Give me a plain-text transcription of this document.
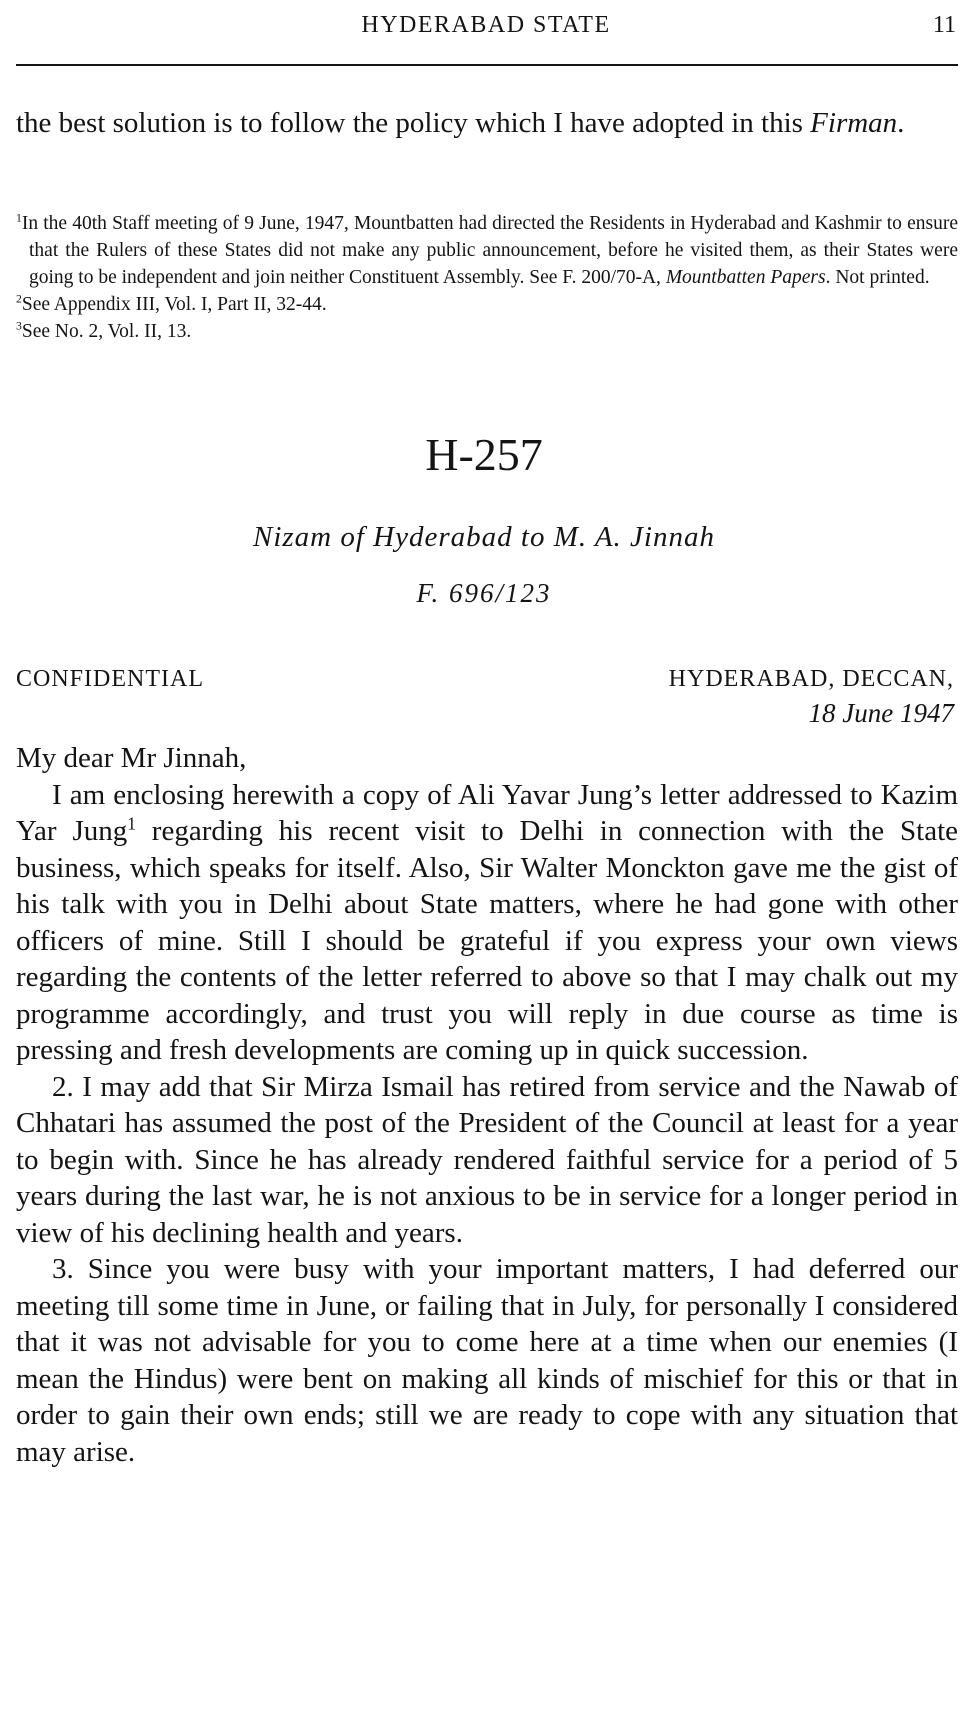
HYDERABAD STATE	11

the best solution is to follow the policy which I have adopted in this Firman.

$^1$In the 40th Staff meeting of 9 June, 1947, Mountbatten had directed the Residents in Hyderabad and Kashmir to ensure that the Rulers of these States did not make any public announcement, before he visited them, as their States were going to be independent and join neither Constituent Assembly. See F. 200/70-A, Mountbatten Papers. Not printed.

$^2$See Appendix III, Vol. I, Part II, 32-44.

$^3$See No. 2, Vol. II, 13.

H-257
Nizam of Hyderabad to M. A. Jinnah
F. 696/123
CONFIDENTIAL	HYDERABAD, DECCAN,
18 June 1947

My dear Mr Jinnah,

I am enclosing herewith a copy of Ali Yavar Jung’s letter addressed to Kazim Yar Jung$^1$ regarding his recent visit to Delhi in connection with the State business, which speaks for itself. Also, Sir Walter Monckton gave me the gist of his talk with you in Delhi about State matters, where he had gone with other officers of mine. Still I should be grateful if you express your own views regarding the contents of the letter referred to above so that I may chalk out my programme accordingly, and trust you will reply in due course as time is pressing and fresh developments are coming up in quick succession.

2. I may add that Sir Mirza Ismail has retired from service and the Nawab of Chhatari has assumed the post of the President of the Council at least for a year to begin with. Since he has already rendered faithful service for a period of 5 years during the last war, he is not anxious to be in service for a longer period in view of his declining health and years.

3. Since you were busy with your important matters, I had deferred our meeting till some time in June, or failing that in July, for personally I considered that it was not advisable for you to come here at a time when our enemies (I mean the Hindus) were bent on making all kinds of mischief for this or that in order to gain their own ends; still we are ready to cope with any situation that may arise.
